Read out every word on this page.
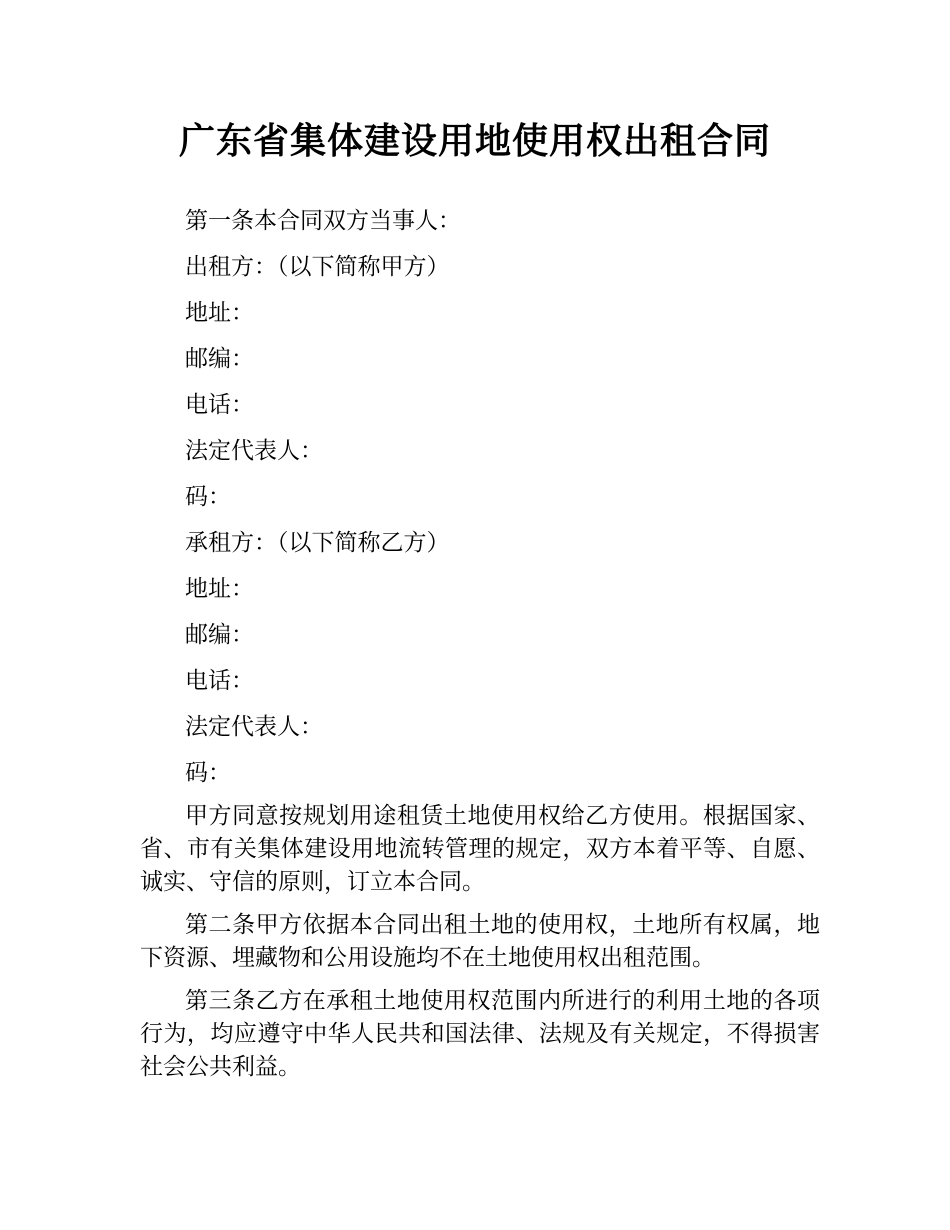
广东省集体建设用地使用权出租合同

第一条本合同双方当事人：

出租方：（以下简称甲方）

地址：

邮编：

电话：

法定代表人：

码：

承租方：（以下简称乙方）

地址：

邮编：

电话：

法定代表人：

码：

甲方同意按规划用途租赁土地使用权给乙方使用。根据国家、省、市有关集体建设用地流转管理的规定，双方本着平等、自愿、诚实、守信的原则，订立本合同。

第二条甲方依据本合同出租土地的使用权，土地所有权属，地下资源、埋藏物和公用设施均不在土地使用权出租范围。

第三条乙方在承租土地使用权范围内所进行的利用土地的各项行为，均应遵守中华人民共和国法律、法规及有关规定，不得损害社会公共利益。
